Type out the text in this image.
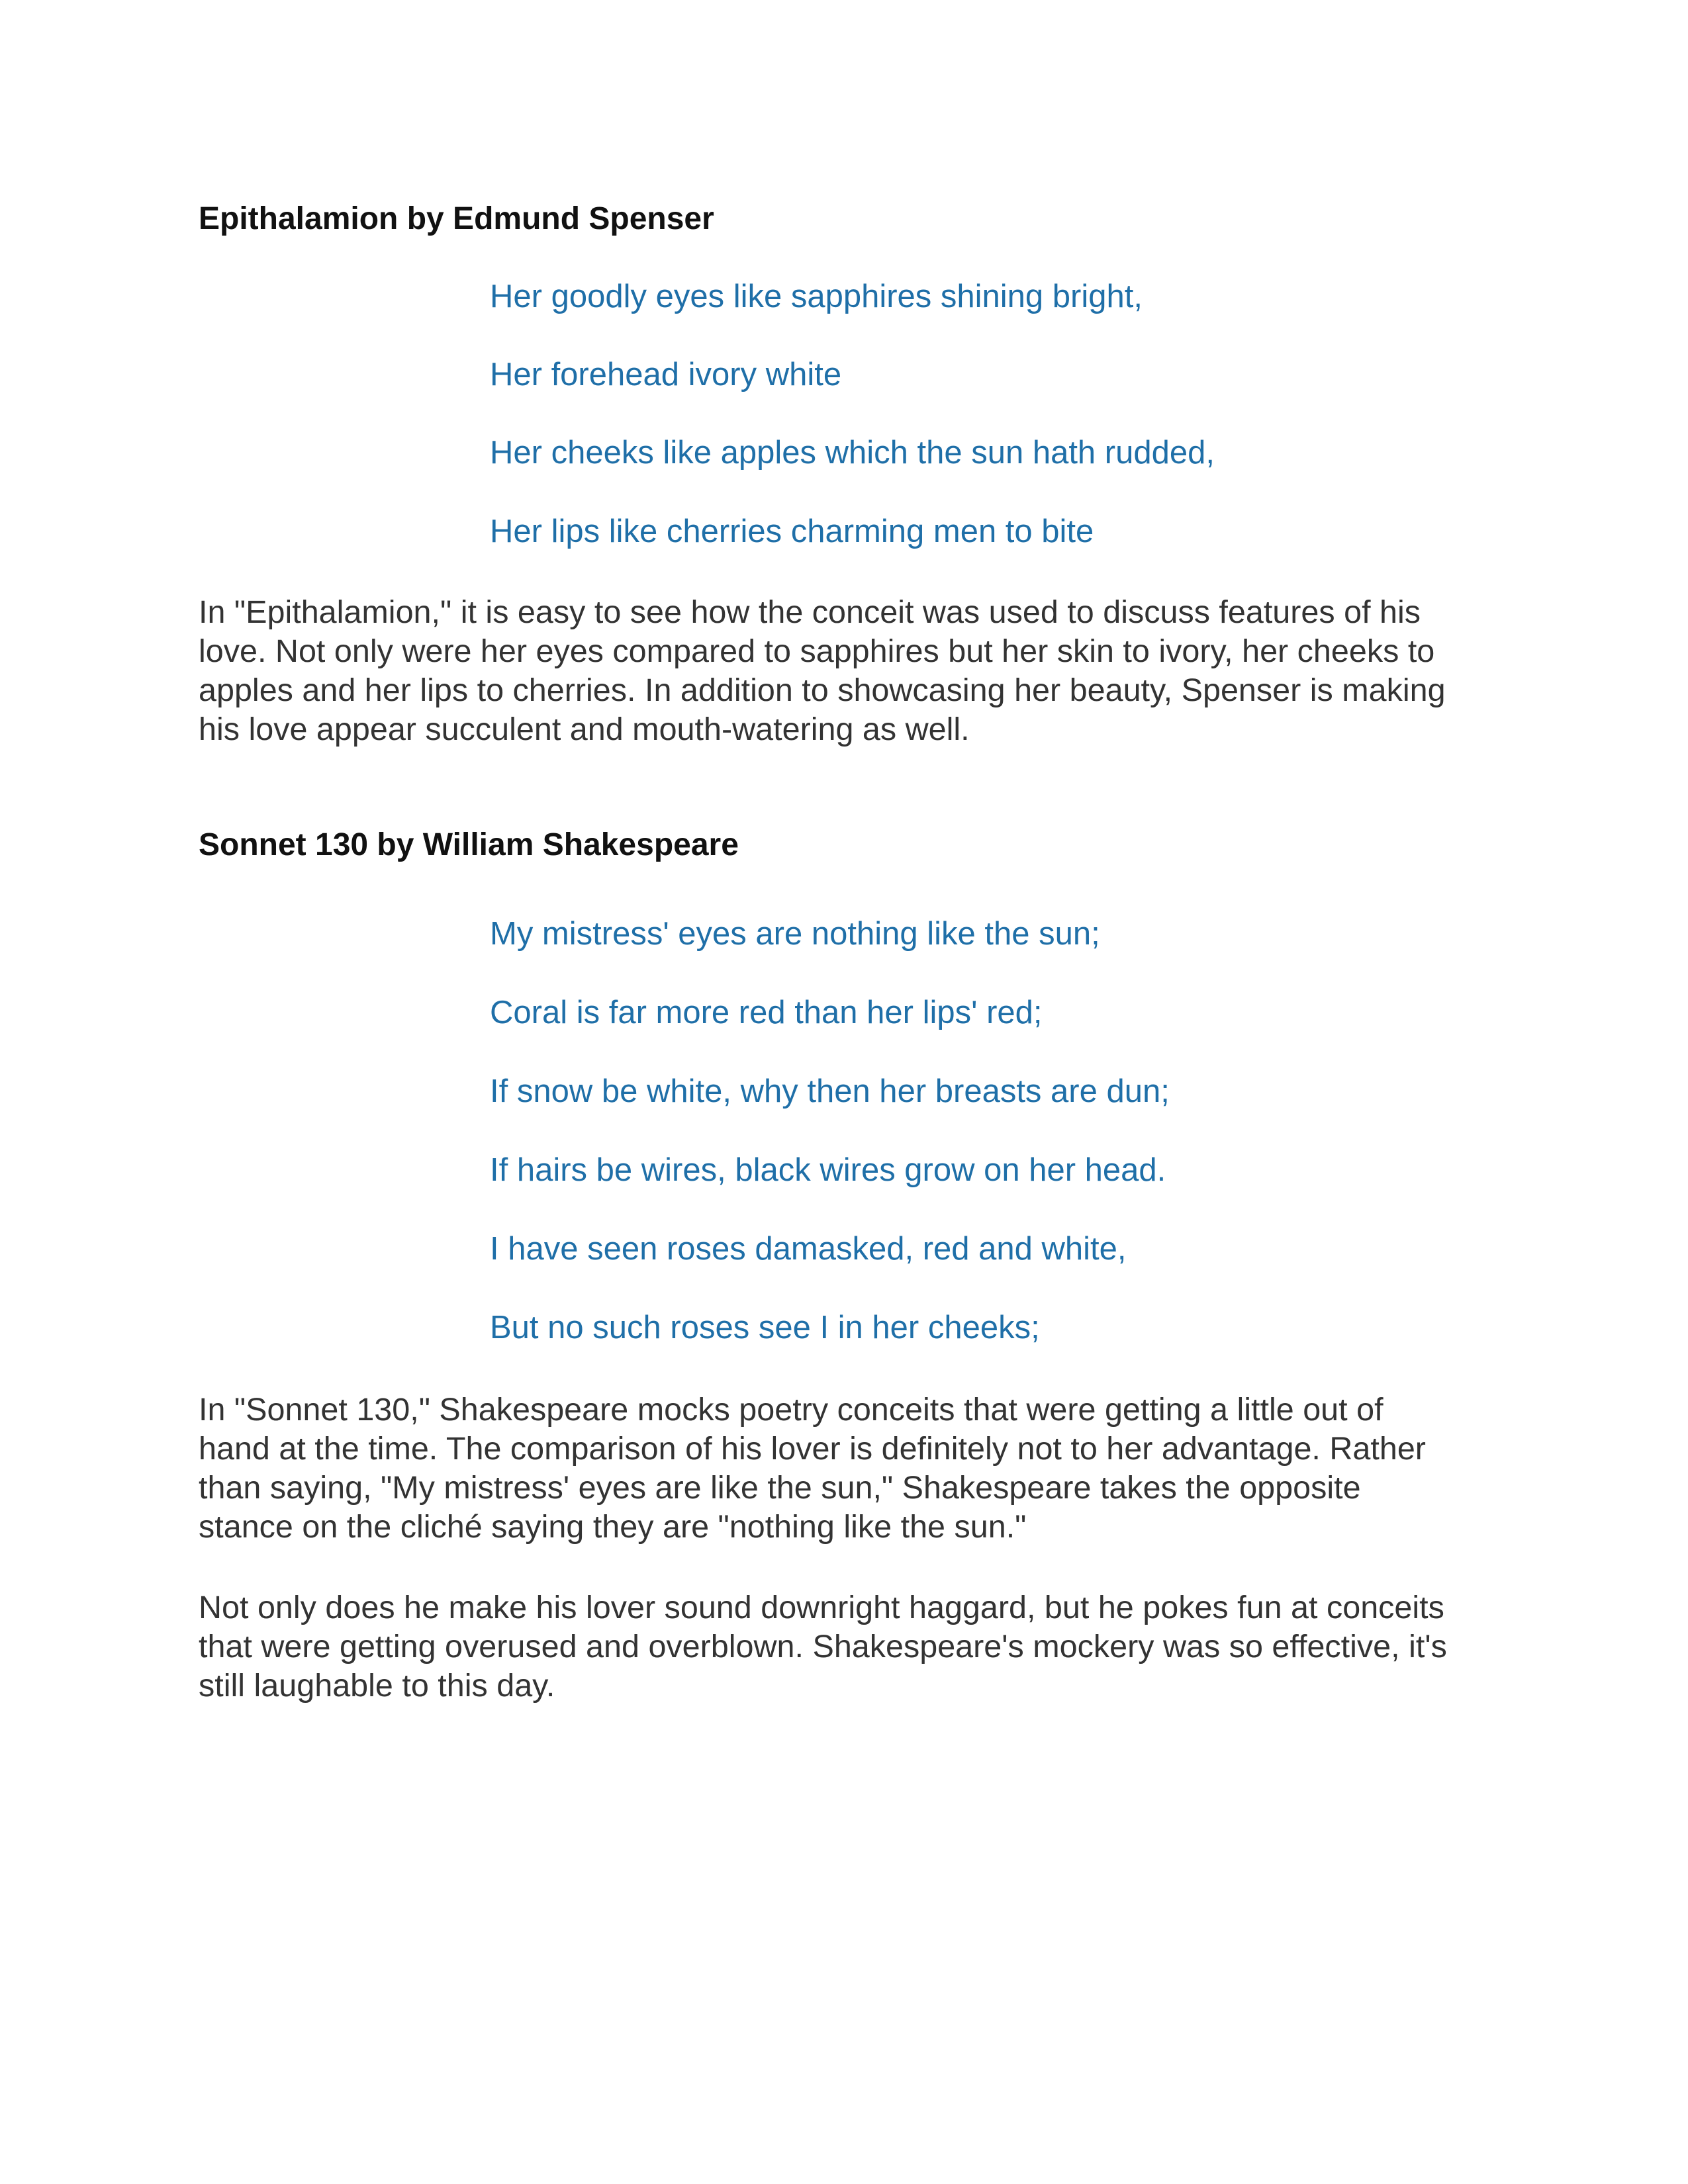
Epithalamion by Edmund Spenser

Her goodly eyes like sapphires shining bright,

Her forehead ivory white

Her cheeks like apples which the sun hath rudded,

Her lips like cherries charming men to bite

In "Epithalamion," it is easy to see how the conceit was used to discuss features of his
love. Not only were her eyes compared to sapphires but her skin to ivory, her cheeks to
apples and her lips to cherries. In addition to showcasing her beauty, Spenser is making
his love appear succulent and mouth-watering as well.

Sonnet 130 by William Shakespeare

My mistress' eyes are nothing like the sun;

Coral is far more red than her lips' red;

If snow be white, why then her breasts are dun;

If hairs be wires, black wires grow on her head.

I have seen roses damasked, red and white,

But no such roses see I in her cheeks;

In "Sonnet 130," Shakespeare mocks poetry conceits that were getting a little out of
hand at the time. The comparison of his lover is definitely not to her advantage. Rather
than saying, "My mistress' eyes are like the sun," Shakespeare takes the opposite
stance on the cliché saying they are "nothing like the sun."

Not only does he make his lover sound downright haggard, but he pokes fun at conceits
that were getting overused and overblown. Shakespeare's mockery was so effective, it's
still laughable to this day.
